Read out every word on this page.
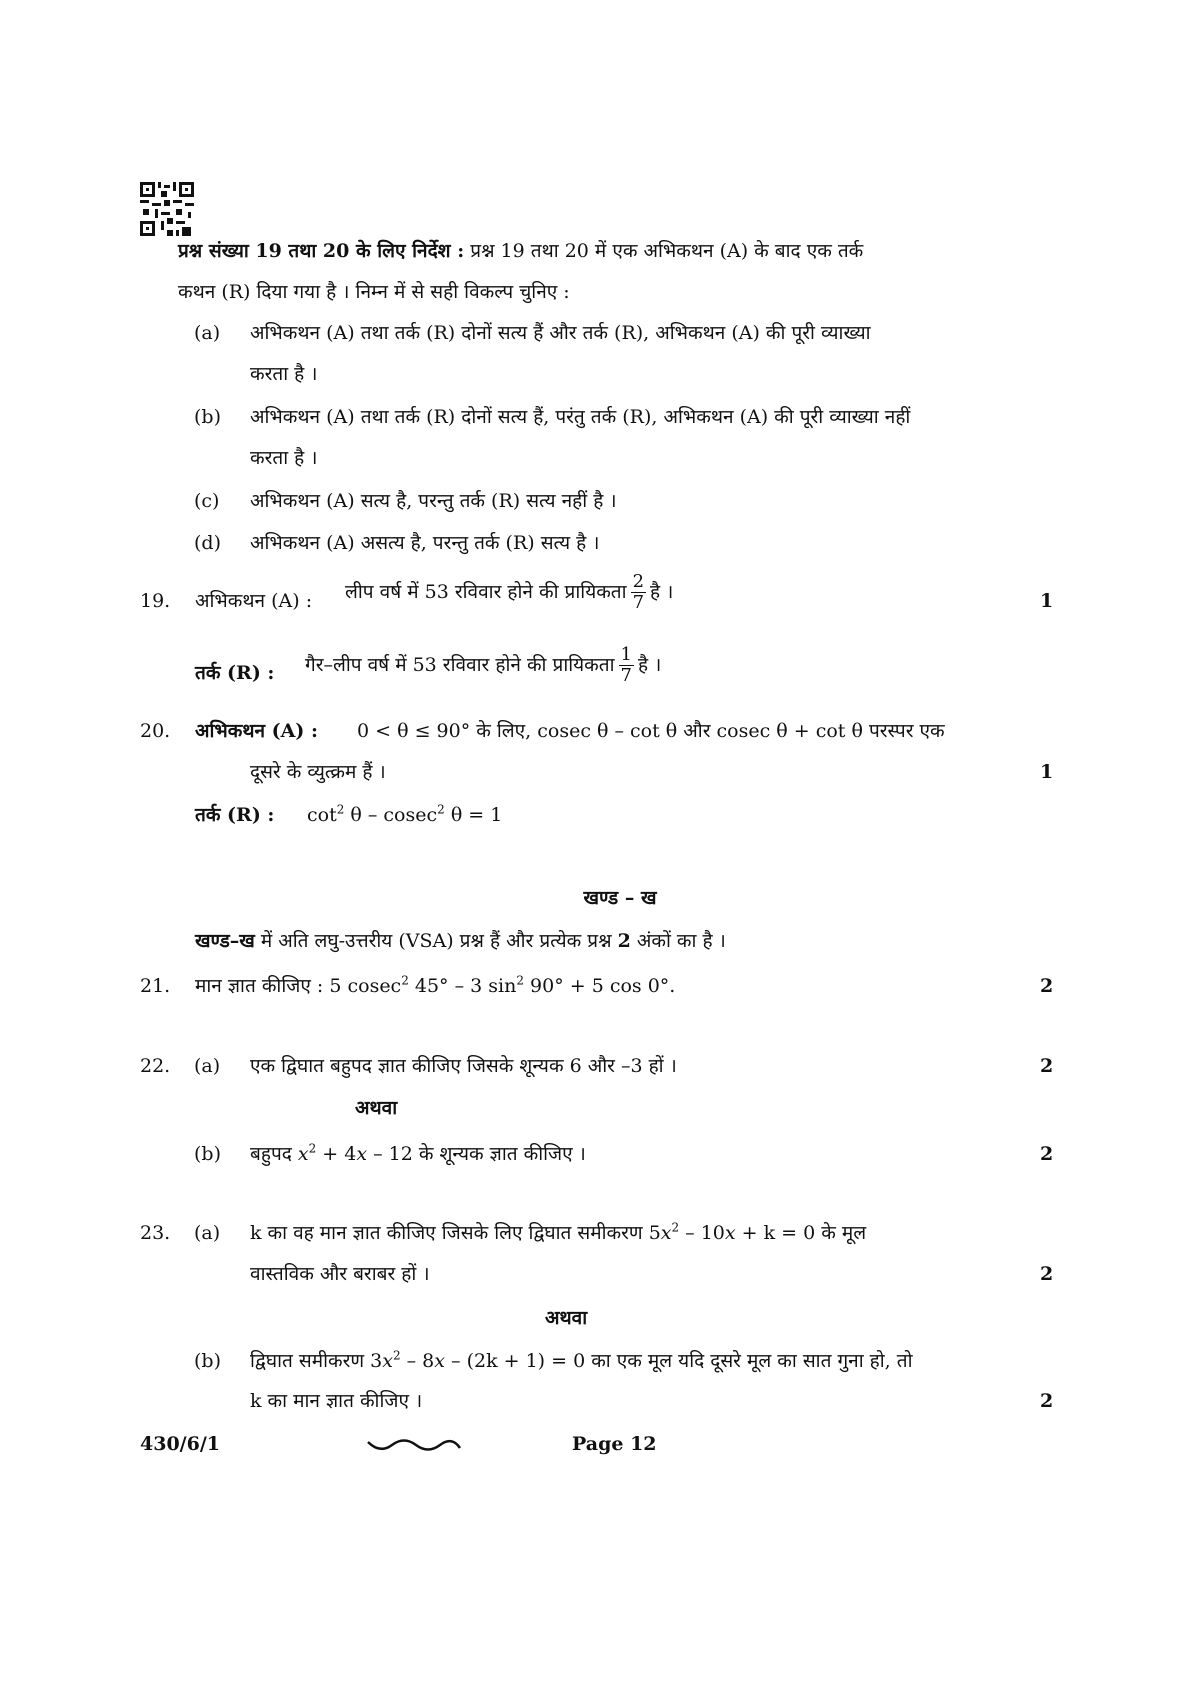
प्रश्न संख्या 19 तथा 20 के लिए निर्देश : प्रश्न 19 तथा 20 में एक अभिकथन (A) के बाद एक तर्क
कथन (R) दिया गया है । निम्न में से सही विकल्प चुनिए :
(a) अभिकथन (A) तथा तर्क (R) दोनों सत्य हैं और तर्क (R), अभिकथन (A) की पूरी व्याख्या
करता है ।
(b) अभिकथन (A) तथा तर्क (R) दोनों सत्य हैं, परंतु तर्क (R), अभिकथन (A) की पूरी व्याख्या नहीं
करता है ।
(c) अभिकथन (A) सत्य है, परन्तु तर्क (R) सत्य नहीं है ।
(d) अभिकथन (A) असत्य है, परन्तु तर्क (R) सत्य है ।
19. अभिकथन (A) : लीप वर्ष में 53 रविवार होने की प्रायिकता $\frac{2}{7}$ है ।	1
तर्क (R) : गैर–लीप वर्ष में 53 रविवार होने की प्रायिकता $\frac{1}{7}$ है ।
20. अभिकथन (A) : 0 < θ ≤ 90° के लिए, cosec θ – cot θ और cosec θ + cot θ परस्पर एक
दूसरे के व्युत्क्रम हैं ।	1
तर्क (R) : $\cot^2 \theta - cosec^2$ θ = 1
खण्ड – ख
खण्ड–ख में अति लघु-उत्तरीय (VSA) प्रश्न हैं और प्रत्येक प्रश्न 2 अंकों का है ।
21. मान ज्ञात कीजिए : 5 cosec$^2$ 45° – 3 $\sin^2 90^\circ + 5$ cos 0°.	2
22. (a) एक द्विघात बहुपद ज्ञात कीजिए जिसके शून्यक 6 और –3 हों ।	2
अथवा
(b) बहुपद $x^2 + 4x - 12$ के शून्यक ज्ञात कीजिए ।	2
23. (a) k का वह मान ज्ञात कीजिए जिसके लिए द्विघात समीकरण $5x^2 - 10x + k = 0$ के मूल
वास्तविक और बराबर हों ।	2
अथवा
(b) द्विघात समीकरण $3x^2 - 8x - (2k + 1) = 0$ का एक मूल यदि दूसरे मूल का सात गुना हो, तो
k का मान ज्ञात कीजिए ।	2
430/6/1	Page 12
